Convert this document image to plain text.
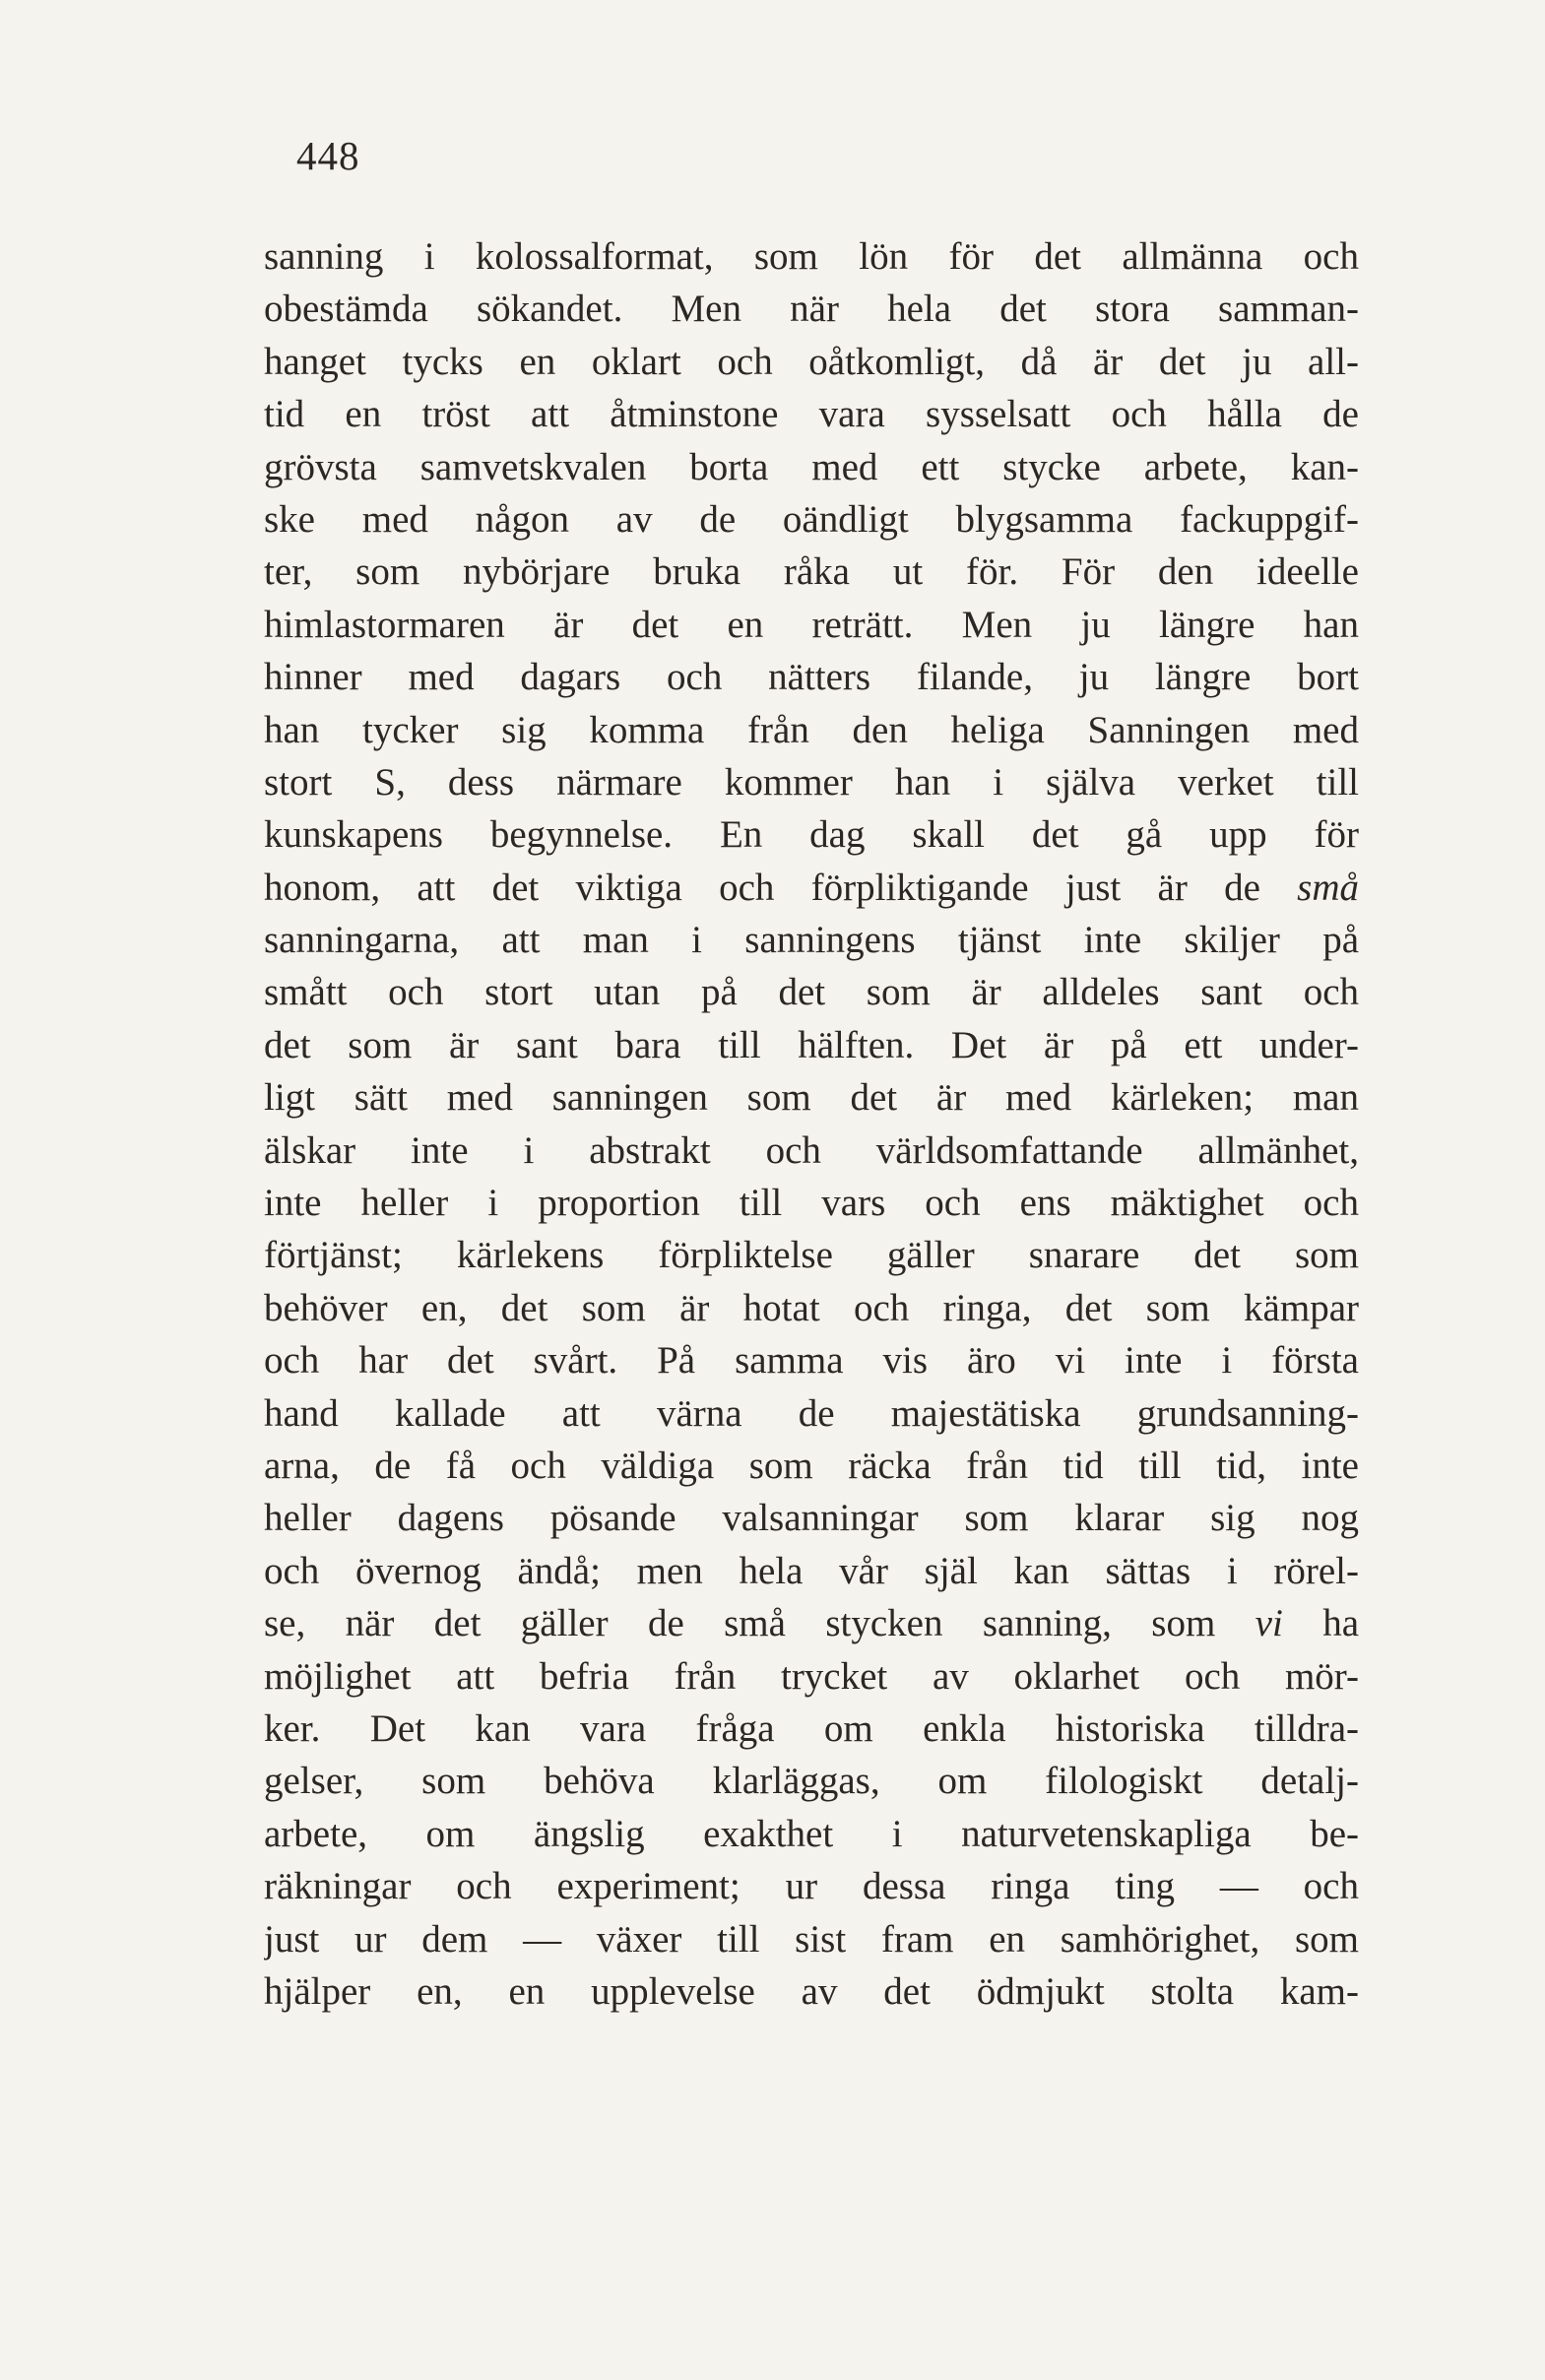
448
sanning i kolossalformat, som lön för det allmänna och
obestämda sökandet. Men när hela det stora samman-
hanget tycks en oklart och oåtkomligt, då är det ju all-
tid en tröst att åtminstone vara sysselsatt och hålla de
grövsta samvetskvalen borta med ett stycke arbete, kan-
ske med någon av de oändligt blygsamma fackuppgif-
ter, som nybörjare bruka råka ut för. För den ideelle
himlastormaren är det en reträtt. Men ju längre han
hinner med dagars och nätters filande, ju längre bort
han tycker sig komma från den heliga Sanningen med
stort S, dess närmare kommer han i själva verket till
kunskapens begynnelse. En dag skall det gå upp för
honom, att det viktiga och förpliktigande just är de små
sanningarna, att man i sanningens tjänst inte skiljer på
smått och stort utan på det som är alldeles sant och
det som är sant bara till hälften. Det är på ett under-
ligt sätt med sanningen som det är med kärleken; man
älskar inte i abstrakt och världsomfattande allmänhet,
inte heller i proportion till vars och ens mäktighet och
förtjänst; kärlekens förpliktelse gäller snarare det som
behöver en, det som är hotat och ringa, det som kämpar
och har det svårt. På samma vis äro vi inte i första
hand kallade att värna de majestätiska grundsanning-
arna, de få och väldiga som räcka från tid till tid, inte
heller dagens pösande valsanningar som klarar sig nog
och övernog ändå; men hela vår själ kan sättas i rörel-
se, när det gäller de små stycken sanning, som vi ha
möjlighet att befria från trycket av oklarhet och mör-
ker. Det kan vara fråga om enkla historiska tilldra-
gelser, som behöva klarläggas, om filologiskt detalj-
arbete, om ängslig exakthet i naturvetenskapliga be-
räkningar och experiment; ur dessa ringa ting — och
just ur dem — växer till sist fram en samhörighet, som
hjälper en, en upplevelse av det ödmjukt stolta kam-
